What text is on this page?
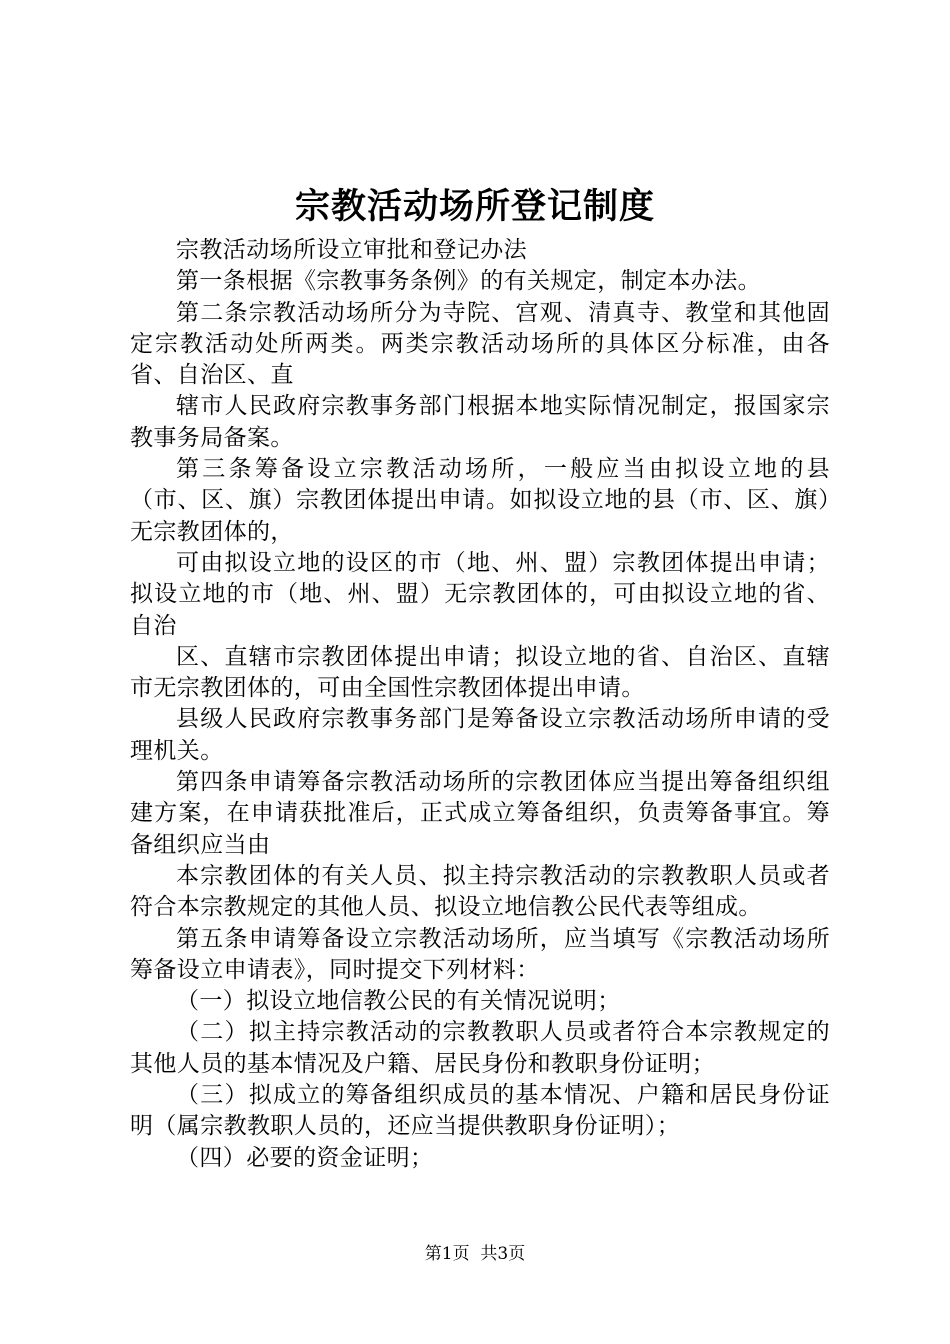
宗教活动场所登记制度

宗教活动场所设立审批和登记办法

第一条根据《宗教事务条例》的有关规定，制定本办法。

第二条宗教活动场所分为寺院、宫观、清真寺、教堂和其他固定宗教活动处所两类。两类宗教活动场所的具体区分标准，由各省、自治区、直

辖市人民政府宗教事务部门根据本地实际情况制定，报国家宗教事务局备案。

第三条筹备设立宗教活动场所，一般应当由拟设立地的县（市、区、旗）宗教团体提出申请。如拟设立地的县（市、区、旗）无宗教团体的，

可由拟设立地的设区的市（地、州、盟）宗教团体提出申请；拟设立地的市（地、州、盟）无宗教团体的，可由拟设立地的省、自治

区、直辖市宗教团体提出申请；拟设立地的省、自治区、直辖市无宗教团体的，可由全国性宗教团体提出申请。

县级人民政府宗教事务部门是筹备设立宗教活动场所申请的受理机关。

第四条申请筹备宗教活动场所的宗教团体应当提出筹备组织组建方案，在申请获批准后，正式成立筹备组织，负责筹备事宜。筹备组织应当由

本宗教团体的有关人员、拟主持宗教活动的宗教教职人员或者符合本宗教规定的其他人员、拟设立地信教公民代表等组成。

第五条申请筹备设立宗教活动场所，应当填写《宗教活动场所筹备设立申请表》，同时提交下列材料：

（一）拟设立地信教公民的有关情况说明；

（二）拟主持宗教活动的宗教教职人员或者符合本宗教规定的其他人员的基本情况及户籍、居民身份和教职身份证明；

（三）拟成立的筹备组织成员的基本情况、户籍和居民身份证明（属宗教教职人员的，还应当提供教职身份证明）；

（四）必要的资金证明；

第1页 共3页
